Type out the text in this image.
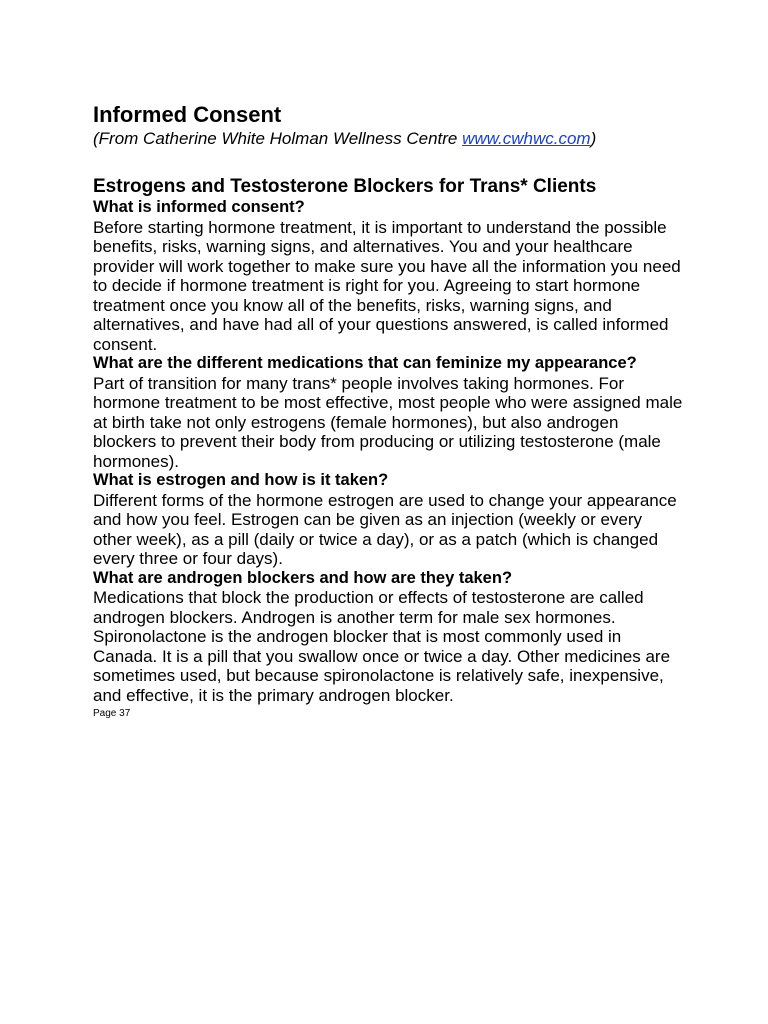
Informed Consent

(From Catherine White Holman Wellness Centre www.cwhwc.com)

Estrogens and Testosterone Blockers for Trans* Clients
What is informed consent?

Before starting hormone treatment, it is important to understand the possible benefits, risks, warning signs, and alternatives. You and your healthcare provider will work together to make sure you have all the information you need to decide if hormone treatment is right for you. Agreeing to start hormone treatment once you know all of the benefits, risks, warning signs, and alternatives, and have had all of your questions answered, is called informed consent.

What are the different medications that can feminize my appearance?

Part of transition for many trans* people involves taking hormones. For hormone treatment to be most effective, most people who were assigned male at birth take not only estrogens (female hormones), but also androgen blockers to prevent their body from producing or utilizing testosterone (male hormones).

What is estrogen and how is it taken?

Different forms of the hormone estrogen are used to change your appearance and how you feel. Estrogen can be given as an injection (weekly or every other week), as a pill (daily or twice a day), or as a patch (which is changed every three or four days).

What are androgen blockers and how are they taken?

Medications that block the production or effects of testosterone are called androgen blockers. Androgen is another term for male sex hormones. Spironolactone is the androgen blocker that is most commonly used in Canada. It is a pill that you swallow once or twice a day. Other medicines are sometimes used, but because spironolactone is relatively safe, inexpensive, and effective, it is the primary androgen blocker.

Page 37
